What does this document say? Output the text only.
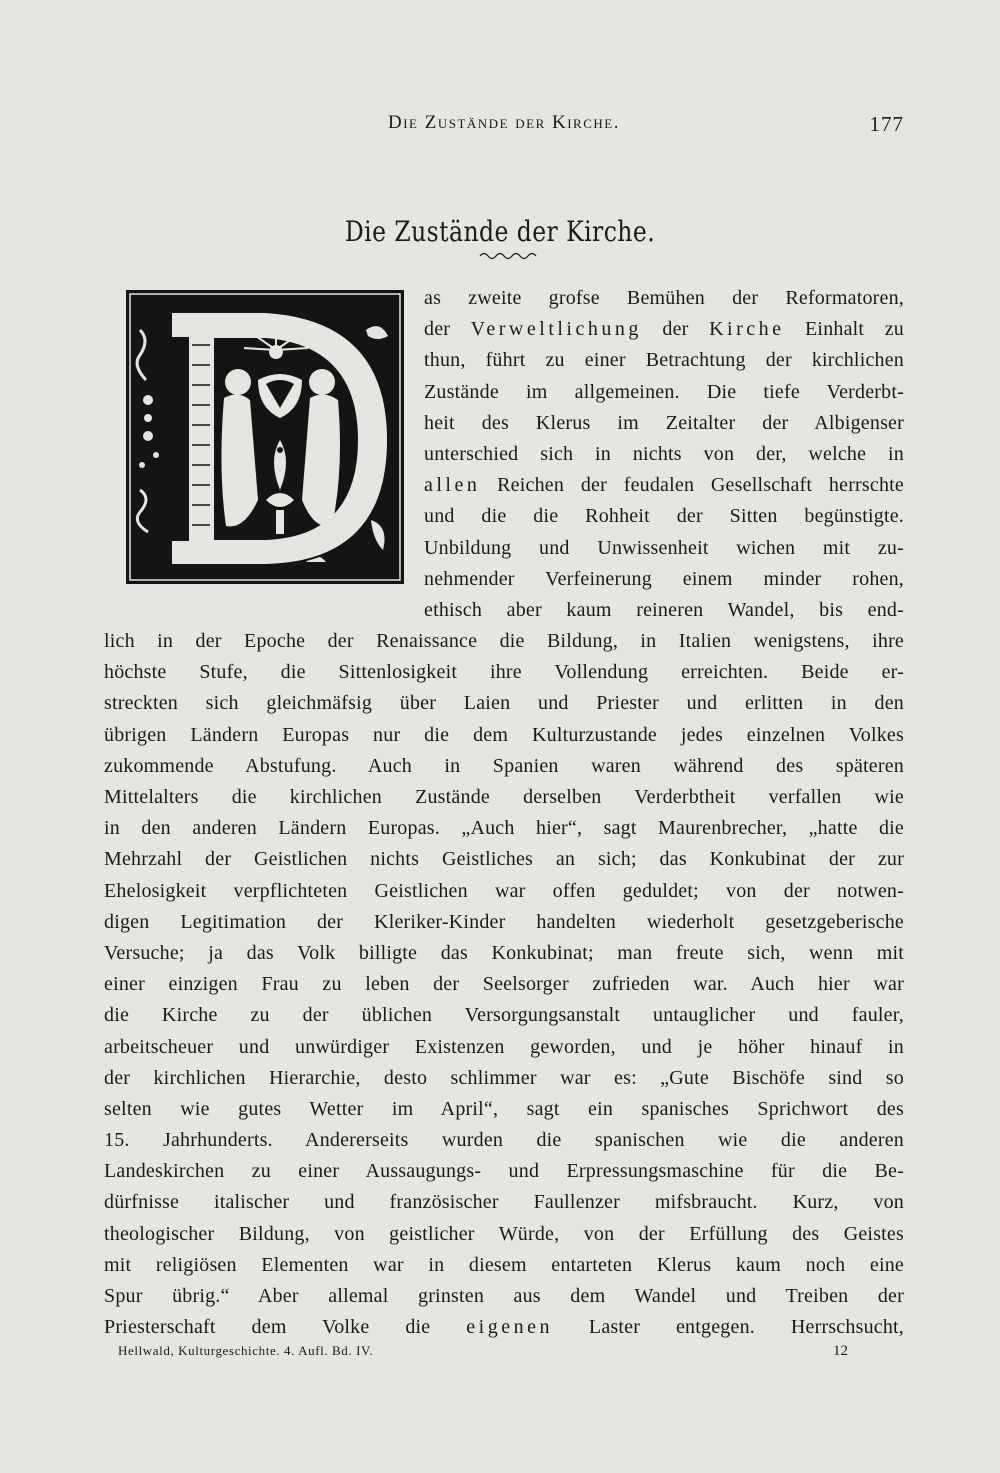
Die Zustände der Kirche.	177
Die Zustände der Kirche.
as zweite grofse Bemühen der Reformatoren,
der Verweltlichung der Kirche Einhalt zu
thun, führt zu einer Betrachtung der kirchlichen
Zustände im allgemeinen. Die tiefe Verderbt-
heit des Klerus im Zeitalter der Albigenser
unterschied sich in nichts von der, welche in
allen Reichen der feudalen Gesellschaft herrschte
und die die Rohheit der Sitten begünstigte.
Unbildung und Unwissenheit wichen mit zu-
nehmender Verfeinerung einem minder rohen,
ethisch aber kaum reineren Wandel, bis end-
lich in der Epoche der Renaissance die Bildung, in Italien wenigstens, ihre
höchste Stufe, die Sittenlosigkeit ihre Vollendung erreichten. Beide er-
streckten sich gleichmäfsig über Laien und Priester und erlitten in den
übrigen Ländern Europas nur die dem Kulturzustande jedes einzelnen Volkes
zukommende Abstufung. Auch in Spanien waren während des späteren
Mittelalters die kirchlichen Zustände derselben Verderbtheit verfallen wie
in den anderen Ländern Europas. „Auch hier“, sagt Maurenbrecher, „hatte die
Mehrzahl der Geistlichen nichts Geistliches an sich; das Konkubinat der zur
Ehelosigkeit verpflichteten Geistlichen war offen geduldet; von der notwen-
digen Legitimation der Kleriker-Kinder handelten wiederholt gesetzgeberische
Versuche; ja das Volk billigte das Konkubinat; man freute sich, wenn mit
einer einzigen Frau zu leben der Seelsorger zufrieden war. Auch hier war
die Kirche zu der üblichen Versorgungsanstalt untauglicher und fauler,
arbeitscheuer und unwürdiger Existenzen geworden, und je höher hinauf in
der kirchlichen Hierarchie, desto schlimmer war es: „Gute Bischöfe sind so
selten wie gutes Wetter im April“, sagt ein spanisches Sprichwort des
15. Jahrhunderts. Andererseits wurden die spanischen wie die anderen
Landeskirchen zu einer Aussaugungs- und Erpressungsmaschine für die Be-
dürfnisse italischer und französischer Faullenzer mifsbraucht. Kurz, von
theologischer Bildung, von geistlicher Würde, von der Erfüllung des Geistes
mit religiösen Elementen war in diesem entarteten Klerus kaum noch eine
Spur übrig.“ Aber allemal grinsten aus dem Wandel und Treiben der
Priesterschaft dem Volke die eigenen Laster entgegen. Herrschsucht,
Hellwald, Kulturgeschichte. 4. Aufl. Bd. IV.	12
